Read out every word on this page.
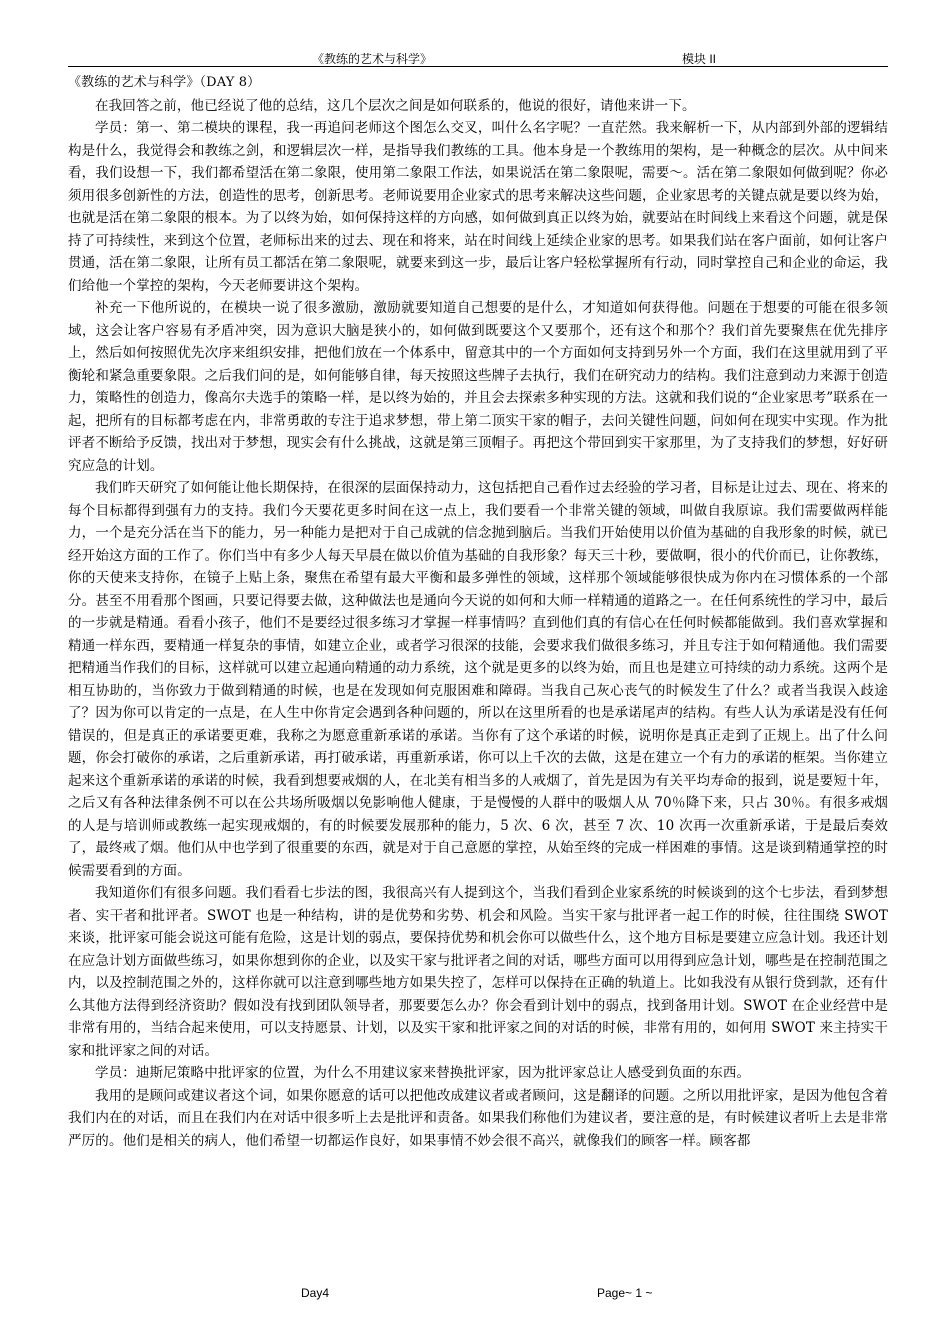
《教练的艺术与科学》	模块 II

《教练的艺术与科学》（DAY 8）

在我回答之前，他已经说了他的总结，这几个层次之间是如何联系的，他说的很好，请他来讲一下。

学员：第一、第二模块的课程，我一再追问老师这个图怎么交叉，叫什么名字呢？一直茫然。我来解析一下，从内部到外部的逻辑结构是什么，我觉得会和教练之剑，和逻辑层次一样，是指导我们教练的工具。他本身是一个教练用的架构，是一种概念的层次。从中间来看，我们设想一下，我们都希望活在第二象限，使用第二象限工作法，如果说活在第二象限呢，需要～。活在第二象限如何做到呢？你必须用很多创新性的方法，创造性的思考，创新思考。老师说要用企业家式的思考来解决这些问题，企业家思考的关键点就是要以终为始，也就是活在第二象限的根本。为了以终为始，如何保持这样的方向感，如何做到真正以终为始，就要站在时间线上来看这个问题，就是保持了可持续性，来到这个位置，老师标出来的过去、现在和将来，站在时间线上延续企业家的思考。如果我们站在客户面前，如何让客户贯通，活在第二象限，让所有员工都活在第二象限呢，就要来到这一步，最后让客户轻松掌握所有行动，同时掌控自己和企业的命运，我们给他一个掌控的架构，今天老师要讲这个架构。

补充一下他所说的，在模块一说了很多激励，激励就要知道自己想要的是什么，才知道如何获得他。问题在于想要的可能在很多领域，这会让客户容易有矛盾冲突，因为意识大脑是狭小的，如何做到既要这个又要那个，还有这个和那个？我们首先要聚焦在优先排序上，然后如何按照优先次序来组织安排，把他们放在一个体系中，留意其中的一个方面如何支持到另外一个方面，我们在这里就用到了平衡轮和紧急重要象限。之后我们问的是，如何能够自律，每天按照这些牌子去执行，我们在研究动力的结构。我们注意到动力来源于创造力，策略性的创造力，像高尔夫选手的策略一样，是以终为始的，并且会去探索多种实现的方法。这就和我们说的“企业家思考”联系在一起，把所有的目标都考虑在内，非常勇敢的专注于追求梦想，带上第二顶实干家的帽子，去问关键性问题，问如何在现实中实现。作为批评者不断给予反馈，找出对于梦想，现实会有什么挑战，这就是第三顶帽子。再把这个带回到实干家那里，为了支持我们的梦想，好好研究应急的计划。

我们昨天研究了如何能让他长期保持，在很深的层面保持动力，这包括把自己看作过去经验的学习者，目标是让过去、现在、将来的每个目标都得到强有力的支持。我们今天要花更多时间在这一点上，我们要看一个非常关键的领域，叫做自我原谅。我们需要做两样能力，一个是充分活在当下的能力，另一种能力是把对于自己成就的信念抛到脑后。当我们开始使用以价值为基础的自我形象的时候，就已经开始这方面的工作了。你们当中有多少人每天早晨在做以价值为基础的自我形象？每天三十秒，要做啊，很小的代价而已，让你教练，你的天使来支持你，在镜子上贴上条，聚焦在希望有最大平衡和最多弹性的领域，这样那个领域能够很快成为你内在习惯体系的一个部分。甚至不用看那个图画，只要记得要去做，这种做法也是通向今天说的如何和大师一样精通的道路之一。在任何系统性的学习中，最后的一步就是精通。看看小孩子，他们不是要经过很多练习才掌握一样事情吗？直到他们真的有信心在任何时候都能做到。我们喜欢掌握和精通一样东西，要精通一样复杂的事情，如建立企业，或者学习很深的技能，会要求我们做很多练习，并且专注于如何精通他。我们需要把精通当作我们的目标，这样就可以建立起通向精通的动力系统，这个就是更多的以终为始，而且也是建立可持续的动力系统。这两个是相互协助的，当你致力于做到精通的时候，也是在发现如何克服困难和障碍。当我自己灰心丧气的时候发生了什么？或者当我误入歧途了？因为你可以肯定的一点是，在人生中你肯定会遇到各种问题的，所以在这里所看的也是承诺尾声的结构。有些人认为承诺是没有任何错误的，但是真正的承诺要更难，我称之为愿意重新承诺的承诺。当你有了这个承诺的时候，说明你是真正走到了正规上。出了什么问题，你会打破你的承诺，之后重新承诺，再打破承诺，再重新承诺，你可以上千次的去做，这是在建立一个有力的承诺的框架。当你建立起来这个重新承诺的承诺的时候，我看到想要戒烟的人，在北美有相当多的人戒烟了，首先是因为有关平均寿命的报到，说是要短十年，之后又有各种法律条例不可以在公共场所吸烟以免影响他人健康，于是慢慢的人群中的吸烟人从 70％降下来，只占 30％。有很多戒烟的人是与培训师或教练一起实现戒烟的，有的时候要发展那种的能力，5 次、6 次，甚至 7 次、10 次再一次重新承诺，于是最后奏效了，最终戒了烟。他们从中也学到了很重要的东西，就是对于自己意愿的掌控，从始至终的完成一样困难的事情。这是谈到精通掌控的时候需要看到的方面。

我知道你们有很多问题。我们看看七步法的图，我很高兴有人提到这个，当我们看到企业家系统的时候谈到的这个七步法，看到梦想者、实干者和批评者。SWOT 也是一种结构，讲的是优势和劣势、机会和风险。当实干家与批评者一起工作的时候，往往围绕 SWOT 来谈，批评家可能会说这可能有危险，这是计划的弱点，要保持优势和机会你可以做些什么，这个地方目标是要建立应急计划。我还计划在应急计划方面做些练习，如果你想到你的企业，以及实干家与批评者之间的对话，哪些方面可以用得到应急计划，哪些是在控制范围之内，以及控制范围之外的，这样你就可以注意到哪些地方如果失控了，怎样可以保持在正确的轨道上。比如我没有从银行贷到款，还有什么其他方法得到经济资助？假如没有找到团队领导者，那要要怎么办？你会看到计划中的弱点，找到备用计划。SWOT 在企业经营中是非常有用的，当结合起来使用，可以支持愿景、计划，以及实干家和批评家之间的对话的时候，非常有用的，如何用 SWOT 来主持实干家和批评家之间的对话。

学员：迪斯尼策略中批评家的位置，为什么不用建议家来替换批评家，因为批评家总让人感受到负面的东西。

我用的是顾问或建议者这个词，如果你愿意的话可以把他改成建议者或者顾问，这是翻译的问题。之所以用批评家，是因为他包含着我们内在的对话，而且在我们内在对话中很多听上去是批评和责备。如果我们称他们为建议者，要注意的是，有时候建议者听上去是非常严厉的。他们是相关的病人，他们希望一切都运作良好，如果事情不妙会很不高兴，就像我们的顾客一样。顾客都

Day4	Page~ 1 ~
